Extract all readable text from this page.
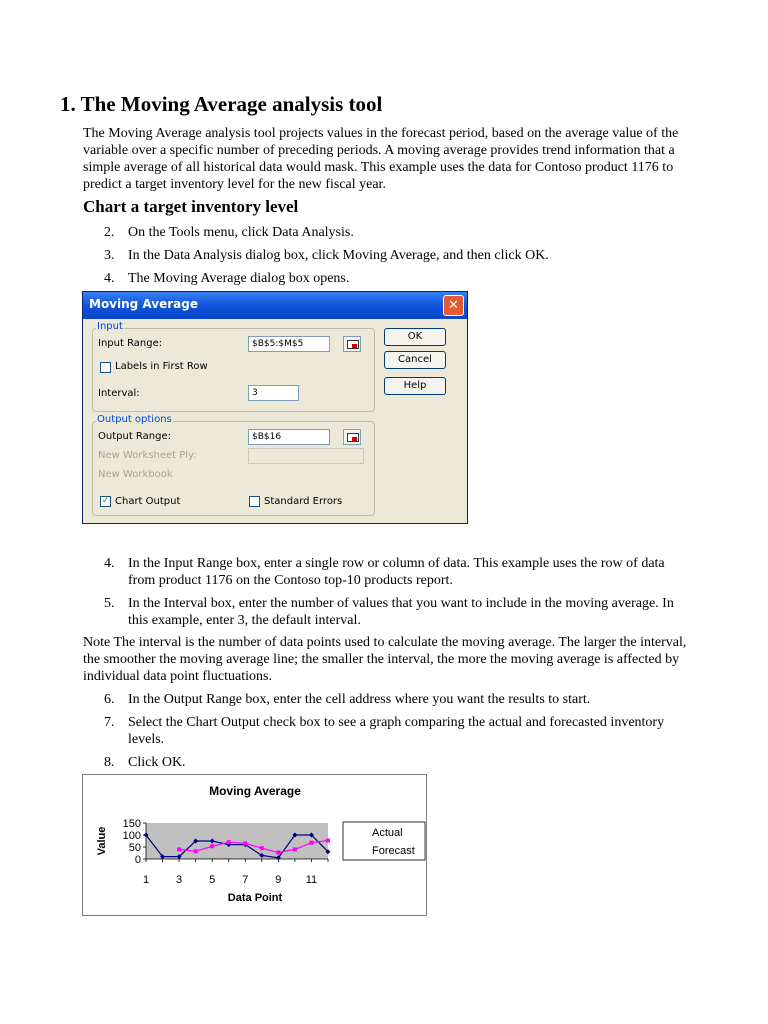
1. The Moving Average analysis tool
The Moving Average analysis tool projects values in the forecast period, based on the average value of the variable over a specific number of preceding periods. A moving average provides trend information that a simple average of all historical data would mask. This example uses the data for Contoso product 1176 to predict a target inventory level for the new fiscal year.
Chart a target inventory level
2. On the Tools menu, click Data Analysis.
3. In the Data Analysis dialog box, click Moving Average, and then click OK.
4. The Moving Average dialog box opens.
Moving Average	✕
Input
Input Range:	$B$5:$M$5
Labels in First Row
Interval:	3
Output options
Output Range:	$B$16
New Worksheet Ply:
New Workbook
✓ Chart Output	Standard Errors
OK
Cancel
Help
4. In the Input Range box, enter a single row or column of data. This example uses the row of data from product 1176 on the Contoso top-10 products report.
5. In the Interval box, enter the number of values that you want to include in the moving average. In this example, enter 3, the default interval.
Note The interval is the number of data points used to calculate the moving average. The larger the interval, the smoother the moving average line; the smaller the interval, the more the moving average is affected by individual data point fluctuations.
6. In the Output Range box, enter the cell address where you want the results to start.
7. Select the Chart Output check box to see a graph comparing the actual and forecasted inventory levels.
8. Click OK.
Moving Average
Data Point
Value
150
100
50
0
1 3 5 7 9 11
Actual
Forecast
